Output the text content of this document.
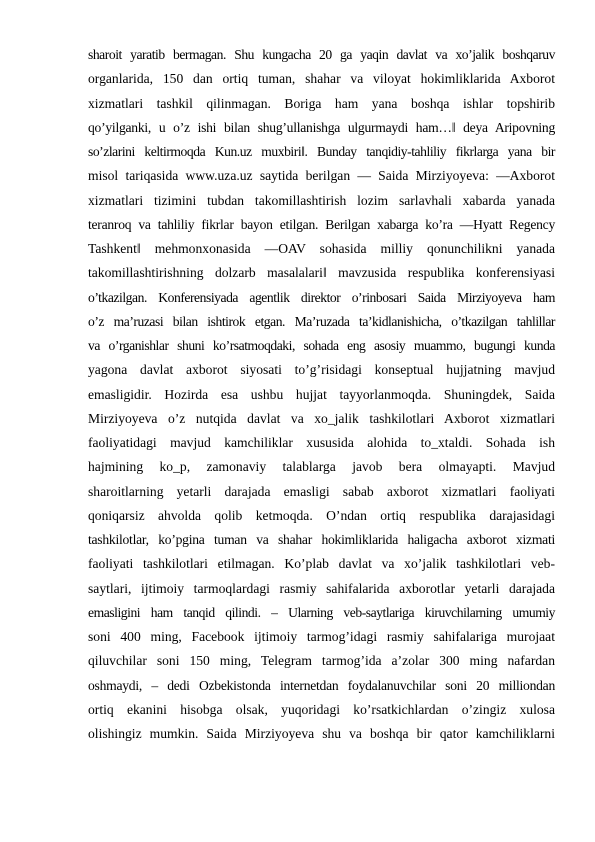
sharoit yaratib bermagan. Shu kungacha 20 ga yaqin davlat va xo’jalik boshqaruv
organlarida, 150 dan ortiq tuman, shahar va viloyat hokimliklarida Axborot
xizmatlari tashkil qilinmagan. Boriga ham yana boshqa ishlar topshirib
qo’yilganki, u o’z ishi bilan shug’ullanishga ulgurmaydi ham…‖ deya Aripovning
so’zlarini keltirmoqda Kun.uz muxbiri‖. Bunday tanqidiy-tahliliy fikrlarga yana bir
misol tariqasida www.uza.uz saytida berilgan — Saida Mirziyoyeva: ―Axborot
xizmatlari tizimini tubdan takomillashtirish lozim sarlavhali xabarda yanada
teranroq va tahliliy fikrlar bayon etilgan. Berilgan xabarga ko’ra ―Hyatt Regency
Tashkent‖ mehmonxonasida ―OAV sohasida milliy qonunchilikni yanada
takomillashtirishning dolzarb masalalari‖ mavzusida respublika konferensiyasi
o’tkazilgan. Konferensiyada agentlik direktor o’rinbosari Saida Mirziyoyeva ham
o’z ma’ruzasi bilan ishtirok etgan. Ma’ruzada ta’kidlanishicha, o’tkazilgan tahlillar
va o’rganishlar shuni ko’rsatmoqdaki, sohada eng asosiy muammo, bugungi kunda
yagona davlat axborot siyosati to’g’risidagi konseptual hujjatning mavjud
emasligidir. Hozirda esa ushbu hujjat tayyorlanmoqda. Shuningdek, Saida
Mirziyoyeva o’z nutqida davlat va xo_jalik tashkilotlari Axborot xizmatlari
faoliyatidagi mavjud kamchiliklar xususida alohida to_xtaldi. Sohada ish
hajmining ko_p, zamonaviy talablarga javob bera olmayapti. Mavjud
sharoitlarning yetarli darajada emasligi sabab axborot xizmatlari faoliyati
qoniqarsiz ahvolda qolib ketmoqda. O’ndan ortiq respublika darajasidagi
tashkilotlar, ko’pgina tuman va shahar hokimliklarida haligacha axborot xizmati
faoliyati tashkilotlari etilmagan. Ko’plab davlat va xo’jalik tashkilotlari veb-
saytlari, ijtimoiy tarmoqlardagi rasmiy sahifalarida axborotlar yetarli darajada
emasligini ham tanqid qilindi. – Ularning veb-saytlariga kiruvchilarning umumiy
soni 400 ming, Facebook ijtimoiy tarmog’idagi rasmiy sahifalariga murojaat
qiluvchilar soni 150 ming, Telegram tarmog’ida a’zolar 300 ming nafardan
oshmaydi, – dedi Ozbekistonda internetdan foydalanuvchilar soni 20 milliondan
ortiq ekanini hisobga olsak, yuqoridagi ko’rsatkichlardan o’zingiz xulosa
olishingiz mumkin. Saida Mirziyoyeva shu va boshqa bir qator kamchiliklarni
